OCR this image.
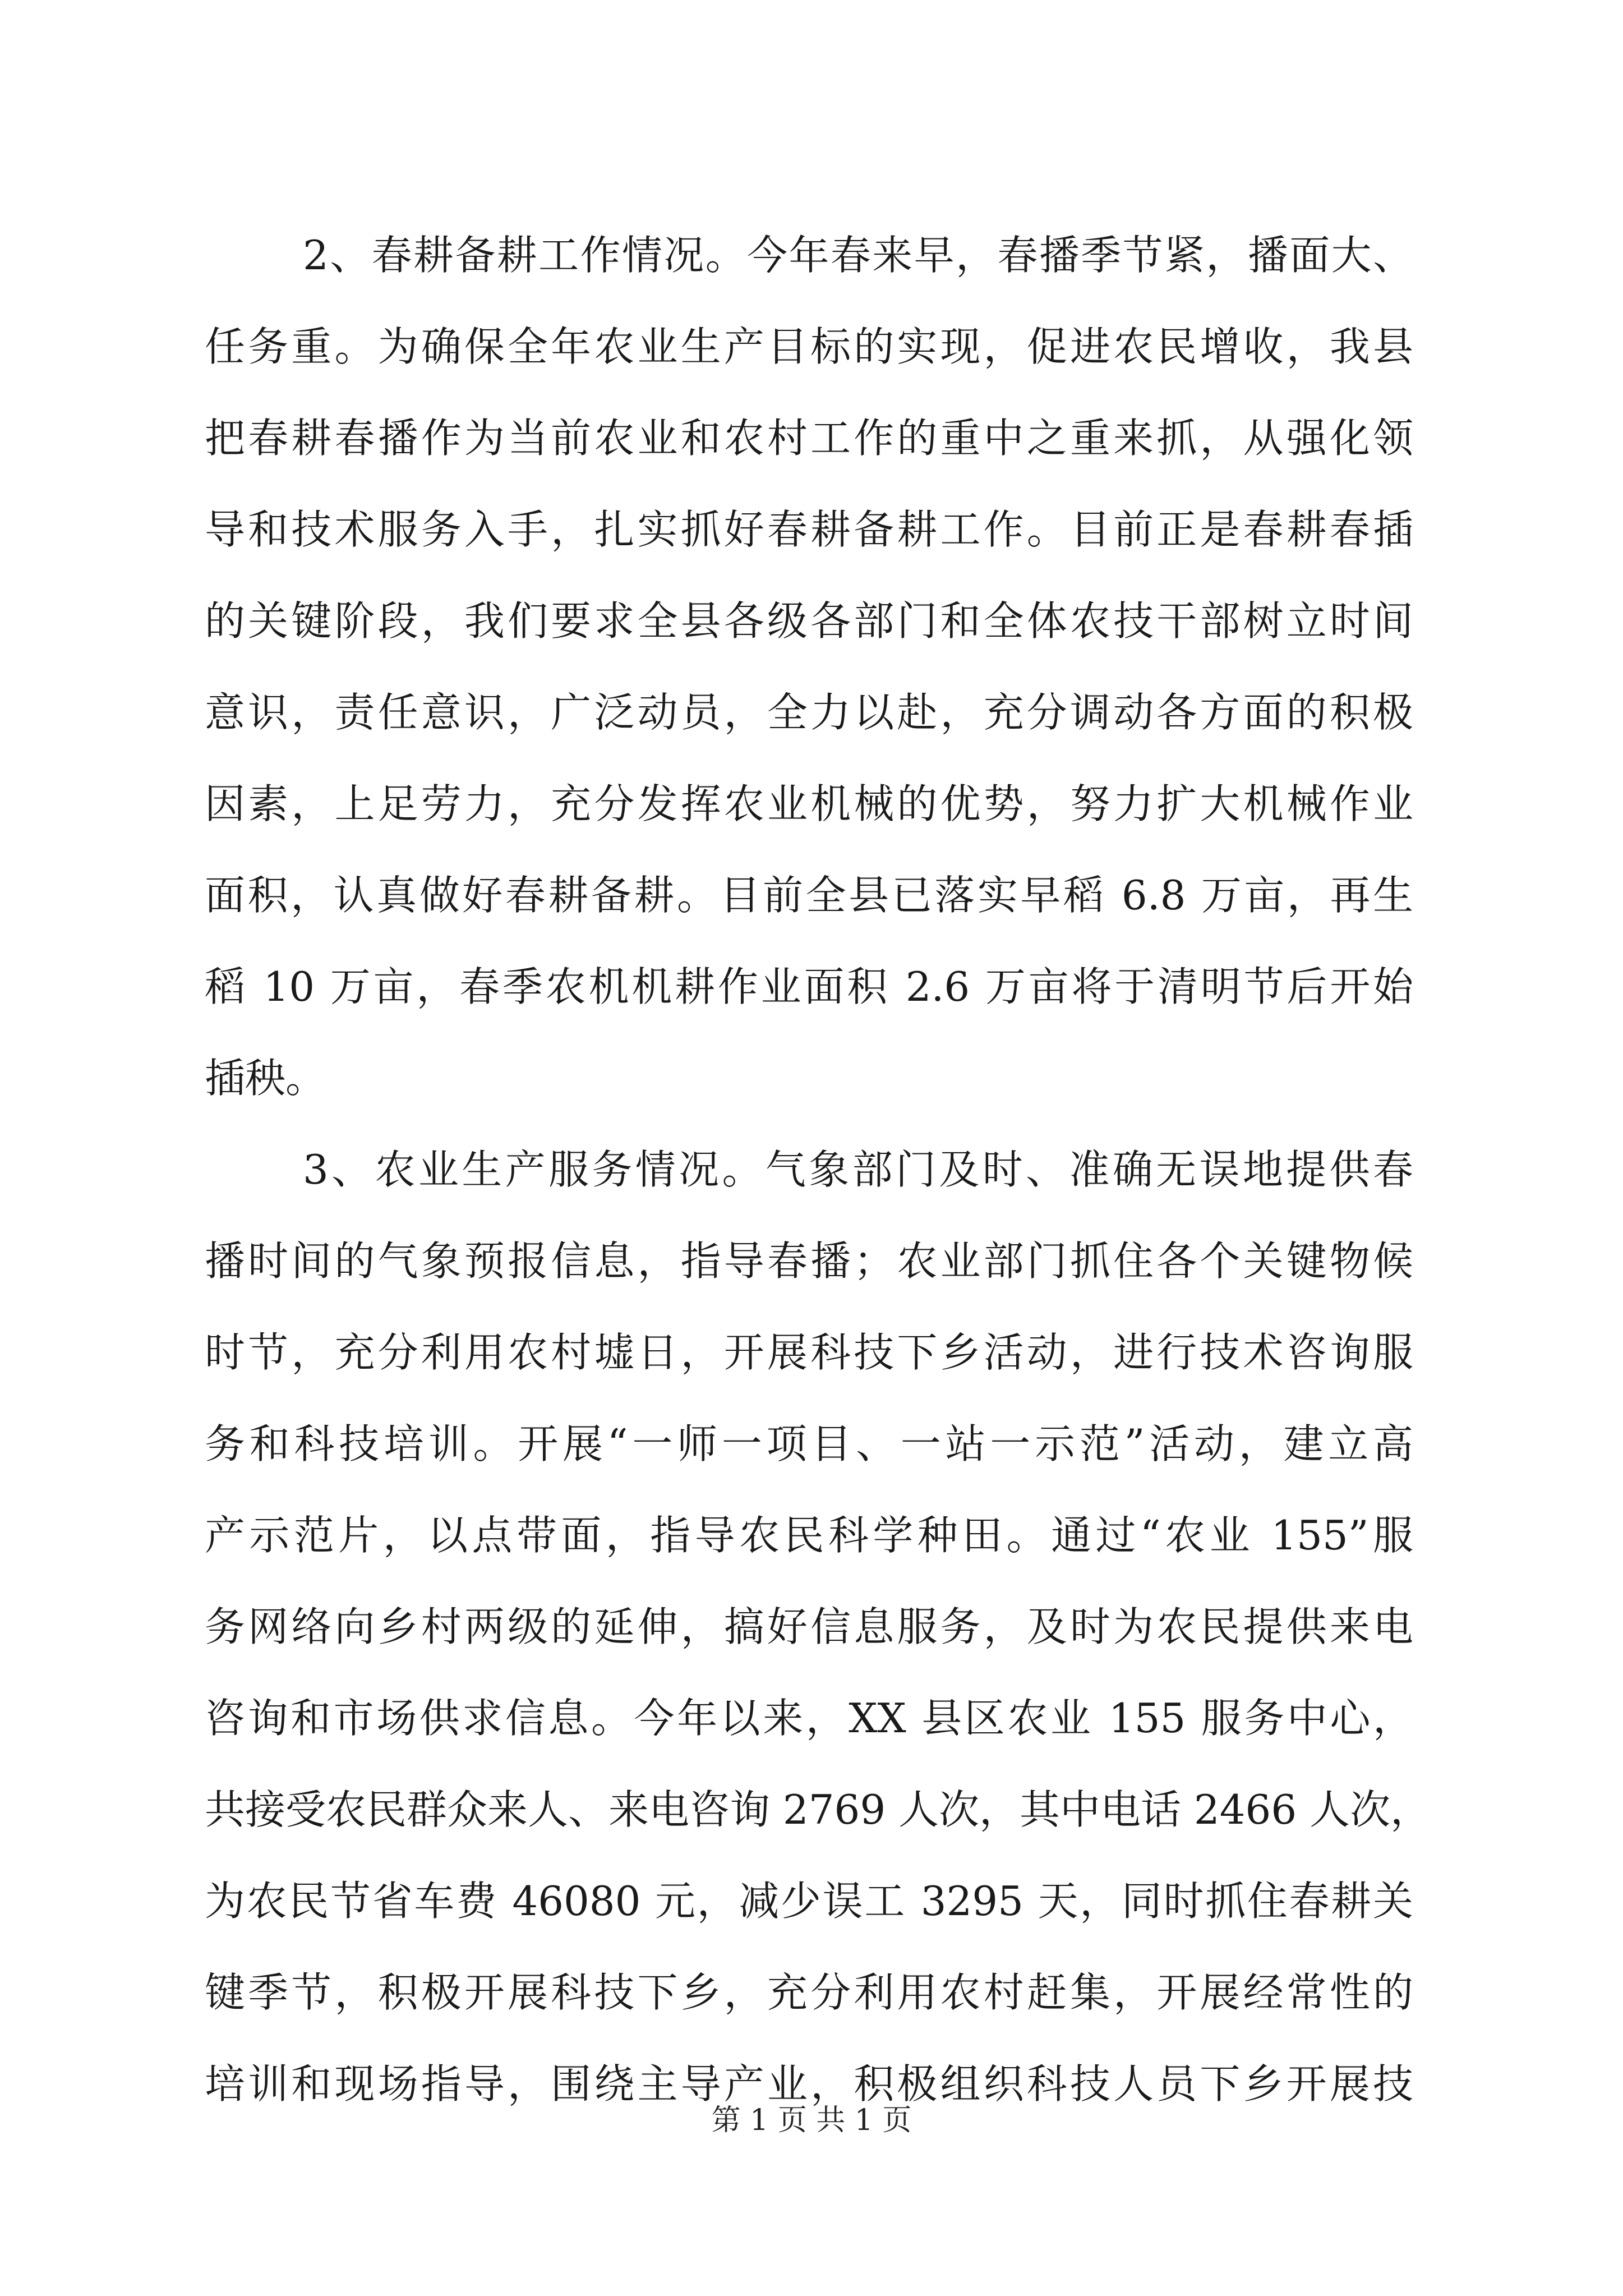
2、春耕备耕工作情况。今年春来早，春播季节紧，播面大、
任务重。为确保全年农业生产目标的实现，促进农民增收，我县
把春耕春播作为当前农业和农村工作的重中之重来抓，从强化领
导和技术服务入手，扎实抓好春耕备耕工作。目前正是春耕春插
的关键阶段，我们要求全县各级各部门和全体农技干部树立时间
意识，责任意识，广泛动员，全力以赴，充分调动各方面的积极
因素，上足劳力，充分发挥农业机械的优势，努力扩大机械作业
面积，认真做好春耕备耕。目前全县已落实早稻 6.8 万亩，再生
稻 10 万亩，春季农机机耕作业面积 2.6 万亩将于清明节后开始
插秧。
3、农业生产服务情况。气象部门及时、准确无误地提供春
播时间的气象预报信息，指导春播；农业部门抓住各个关键物候
时节，充分利用农村墟日，开展科技下乡活动，进行技术咨询服
务和科技培训。开展“一师一项目、一站一示范”活动，建立高
产示范片，以点带面，指导农民科学种田。通过“农业 155”服
务网络向乡村两级的延伸，搞好信息服务，及时为农民提供来电
咨询和市场供求信息。今年以来，XX 县区农业 155 服务中心，
共接受农民群众来人、来电咨询 2769 人次，其中电话 2466 人次，
为农民节省车费 46080 元，减少误工 3295 天，同时抓住春耕关
键季节，积极开展科技下乡，充分利用农村赶集，开展经常性的
培训和现场指导，围绕主导产业，积极组织科技人员下乡开展技
第 1 页 共 1 页
